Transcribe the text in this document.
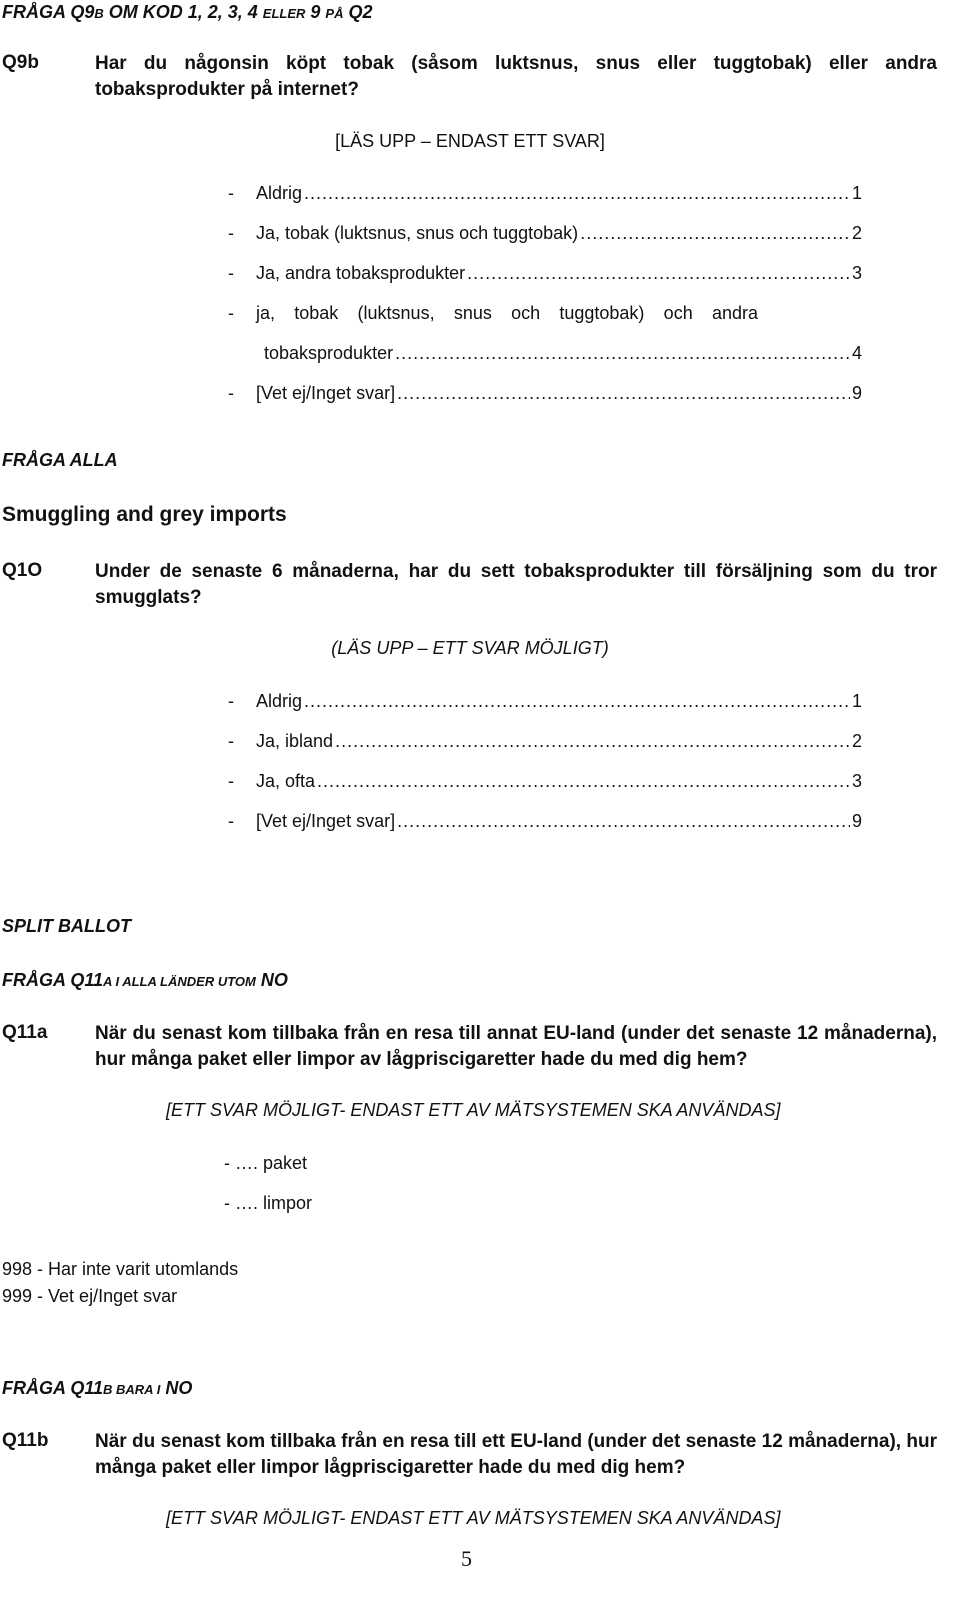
FRÅGA Q9B OM KOD 1, 2, 3, 4 ELLER 9 PÅ Q2
Q9b	Har du någonsin köpt tobak (såsom luktsnus, snus eller tuggtobak) eller andra tobaksprodukter på internet?
[LÄS UPP – ENDAST ETT SVAR]
-	Aldrig .....	1
-	Ja, tobak (luktsnus, snus och tuggtobak) .....	2
-	Ja, andra tobaksprodukter .....	3
-	ja, tobak (luktsnus, snus och tuggtobak) och andra
tobaksprodukter .....	4
-	[Vet ej/Inget svar] .....	9
FRÅGA ALLA
Smuggling and grey imports
Q1O	Under de senaste 6 månaderna, har du sett tobaksprodukter till försäljning som du tror smugglats?
(LÄS UPP – ETT SVAR MÖJLIGT)
-	Aldrig .....	1
-	Ja, ibland .....	2
-	Ja, ofta .....	3
-	[Vet ej/Inget svar] .....	9
SPLIT BALLOT
FRÅGA Q11A I ALLA LÄNDER UTOM NO
Q11a	När du senast kom tillbaka från en resa till annat EU-land (under det senaste 12 månaderna), hur många paket eller limpor av lågpriscigaretter hade du med dig hem?
[ETT SVAR MÖJLIGT- ENDAST ETT AV MÄTSYSTEMEN SKA ANVÄNDAS]
- …. paket
- …. limpor
998 - Har inte varit utomlands
999 - Vet ej/Inget svar
FRÅGA Q11B BARA I NO
Q11b När du senast kom tillbaka från en resa till ett EU-land (under det senaste 12 månaderna), hur många paket eller limpor lågpriscigaretter hade du med dig hem?
[ETT SVAR MÖJLIGT- ENDAST ETT AV MÄTSYSTEMEN SKA ANVÄNDAS]
5
